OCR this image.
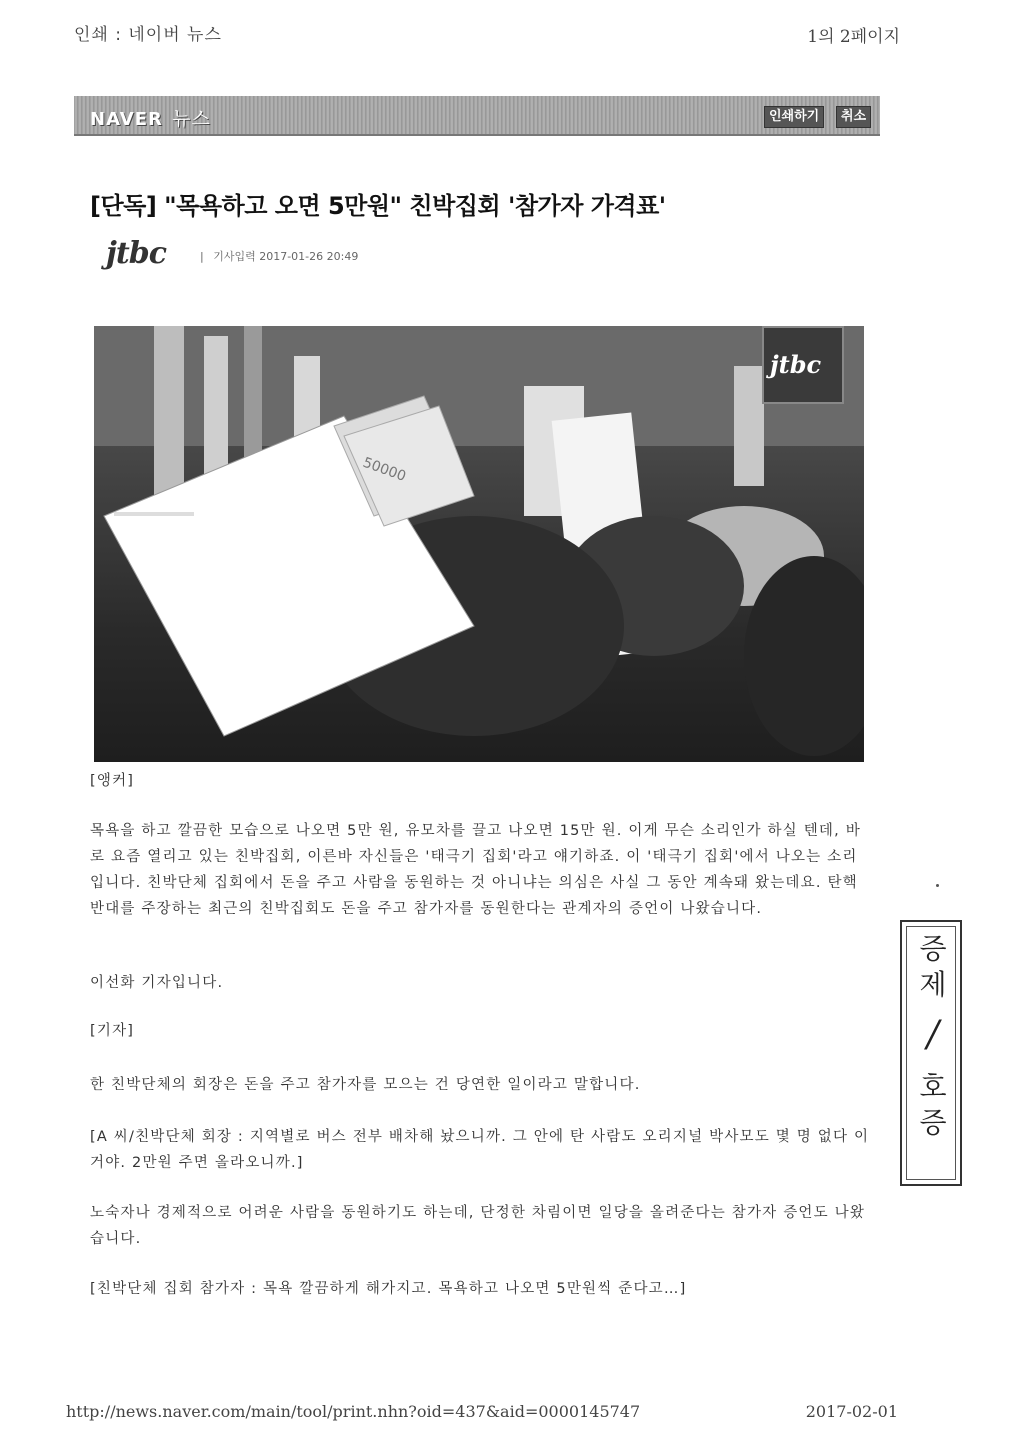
인쇄 : 네이버 뉴스	1의 2페이지
NAVER 뉴스	인쇄하기	취소
[단독] "목욕하고 오면 5만원" 친박집회 '참가자 가격표'
jtbc	| 기사입력 2017-01-26 20:49
50000
jtbc

[앵커]

목욕을 하고 깔끔한 모습으로 나오면 5만 원, 유모차를 끌고 나오면 15만 원. 이게 무슨 소리인가 하실 텐데, 바로 요즘 열리고 있는 친박집회, 이른바 자신들은 '태극기 집회'라고 얘기하죠. 이 '태극기 집회'에서 나오는 소리입니다. 친박단체 집회에서 돈을 주고 사람을 동원하는 것 아니냐는 의심은 사실 그 동안 계속돼 왔는데요. 탄핵 반대를 주장하는 최근의 친박집회도 돈을 주고 참가자를 동원한다는 관계자의 증언이 나왔습니다.

이선화 기자입니다.

[기자]

한 친박단체의 회장은 돈을 주고 참가자를 모으는 건 당연한 일이라고 말합니다.

[A 씨/친박단체 회장 : 지역별로 버스 전부 배차해 놨으니까. 그 안에 탄 사람도 오리지널 박사모도 몇 명 없다 이거야. 2만원 주면 올라오니까.]

노숙자나 경제적으로 어려운 사람을 동원하기도 하는데, 단정한 차림이면 일당을 올려준다는 참가자 증언도 나왔습니다.

[친박단체 집회 참가자 : 목욕 깔끔하게 해가지고. 목욕하고 나오면 5만원씩 준다고…]

증
제
/
호
증
http://news.naver.com/main/tool/print.nhn?oid=437&aid=0000145747	2017-02-01
